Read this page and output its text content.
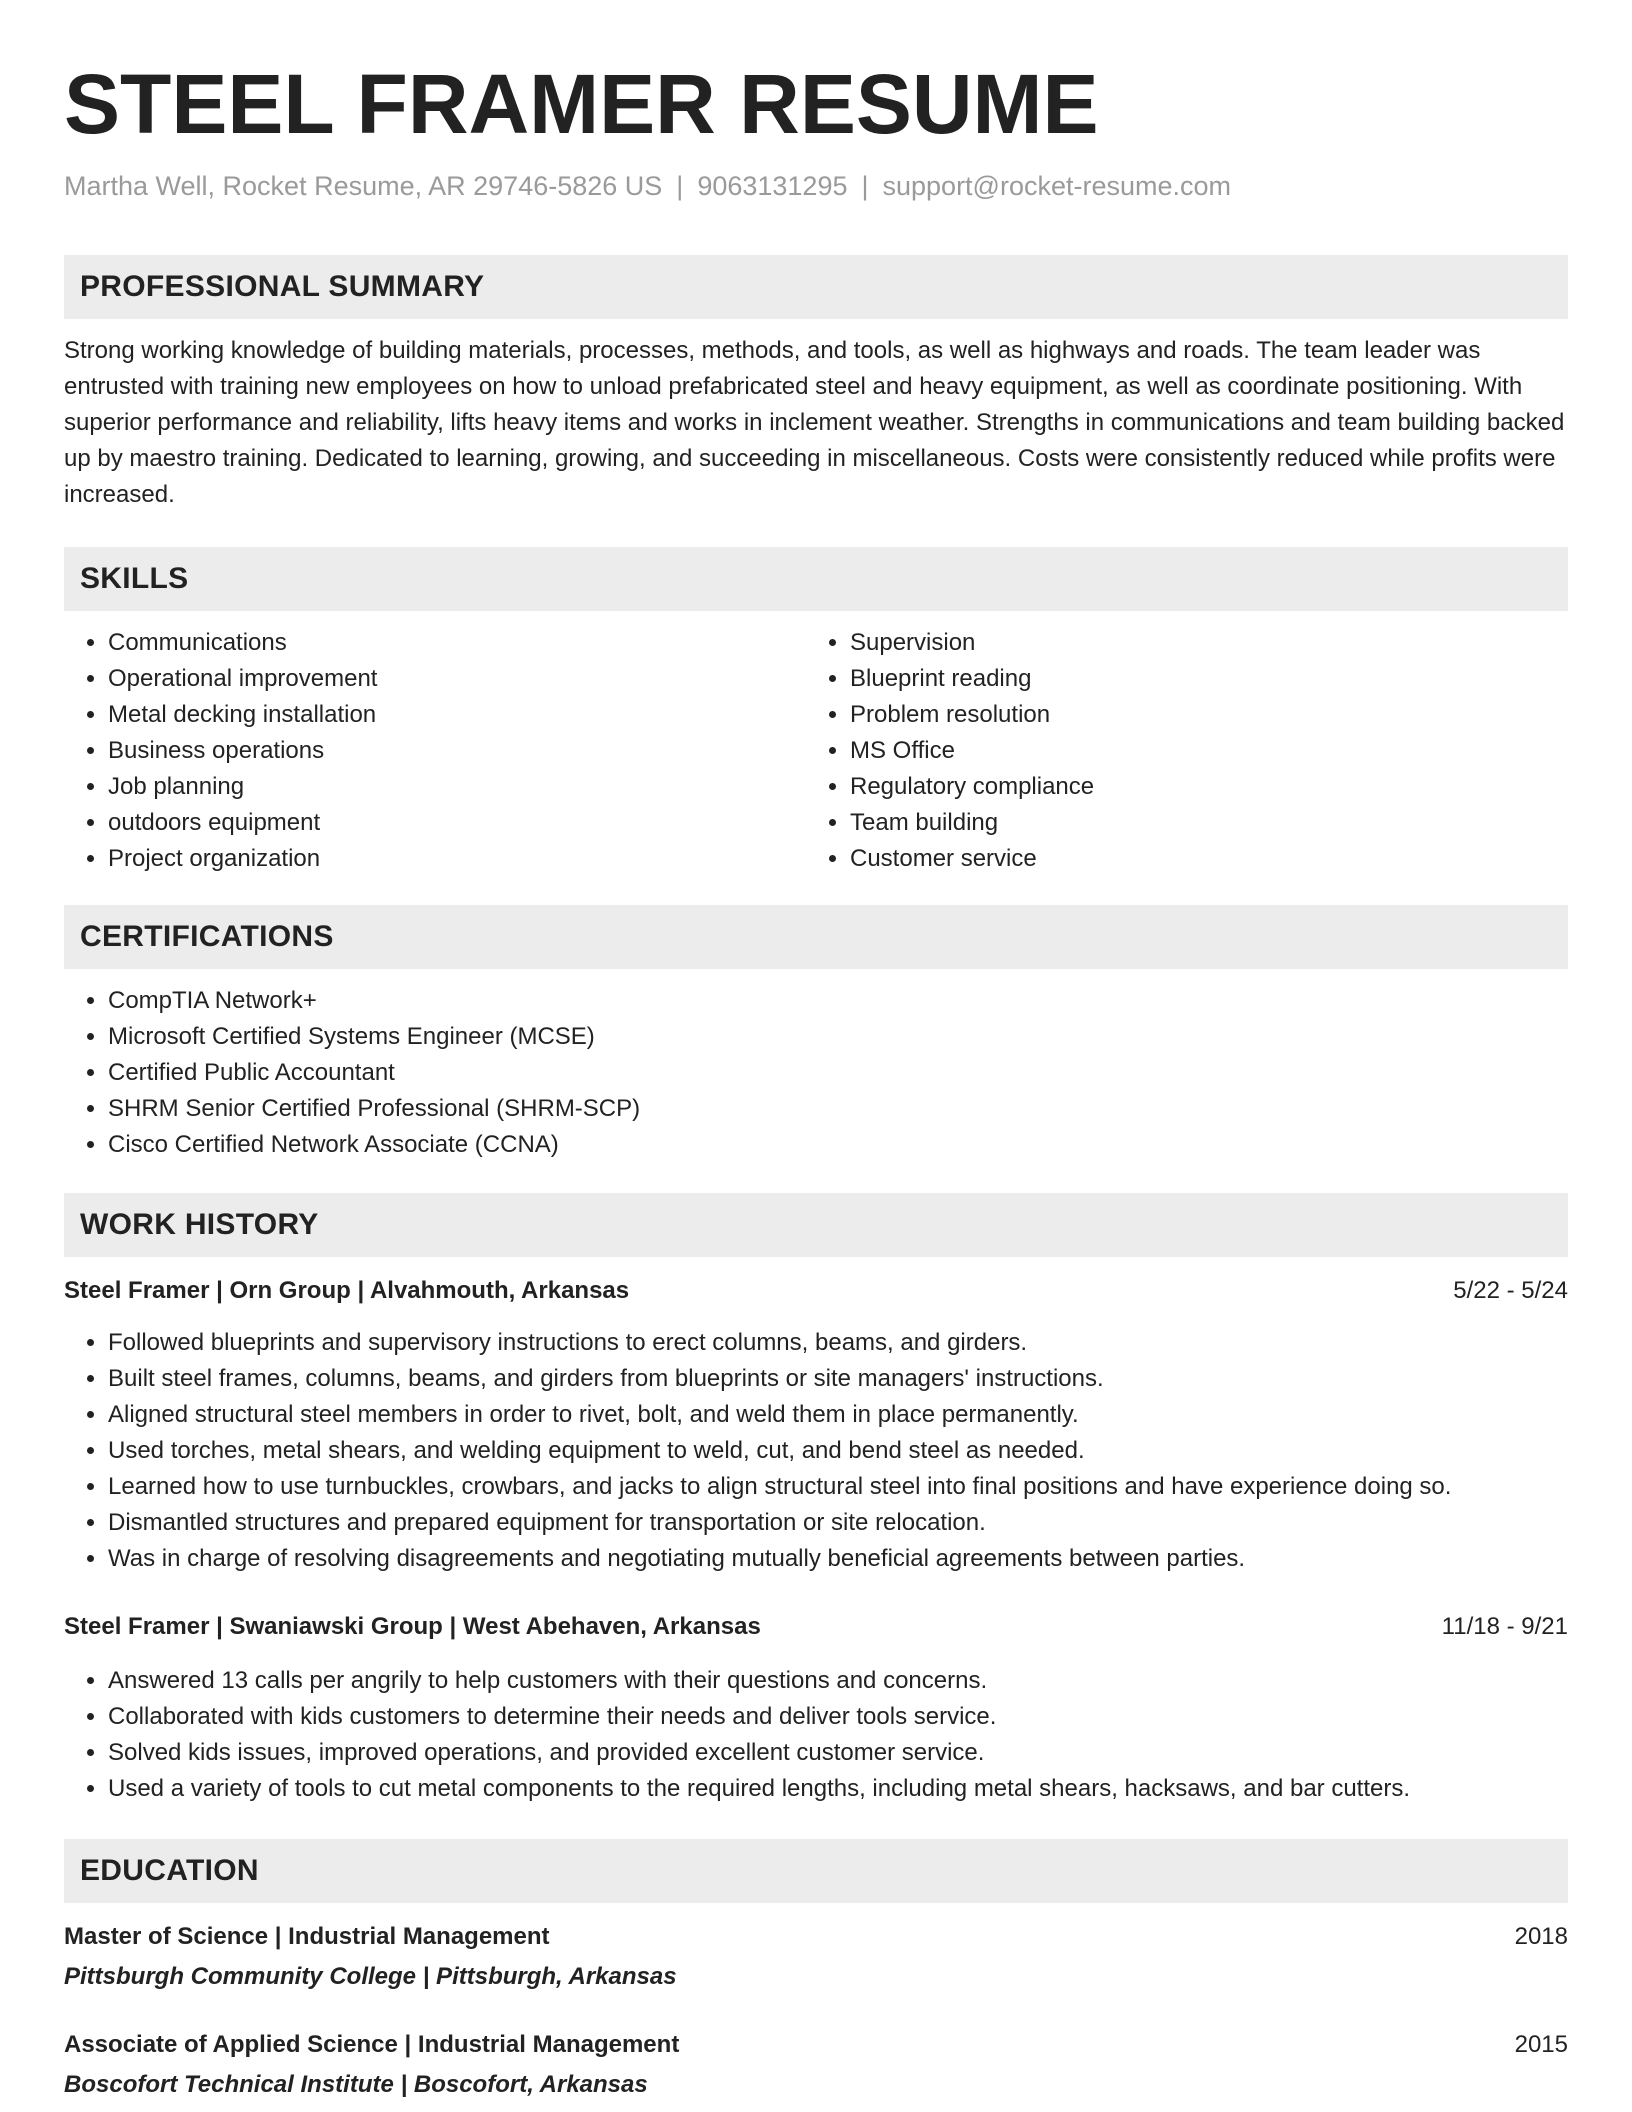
STEEL FRAMER RESUME
Martha Well, Rocket Resume, AR 29746-5826 US | 9063131295 | support@rocket-resume.com
PROFESSIONAL SUMMARY
Strong working knowledge of building materials, processes, methods, and tools, as well as highways and roads. The team leader was entrusted with training new employees on how to unload prefabricated steel and heavy equipment, as well as coordinate positioning. With superior performance and reliability, lifts heavy items and works in inclement weather. Strengths in communications and team building backed up by maestro training. Dedicated to learning, growing, and succeeding in miscellaneous. Costs were consistently reduced while profits were increased.
SKILLS
• Communications
• Operational improvement
• Metal decking installation
• Business operations
• Job planning
• outdoors equipment
• Project organization
• Supervision
• Blueprint reading
• Problem resolution
• MS Office
• Regulatory compliance
• Team building
• Customer service
CERTIFICATIONS
• CompTIA Network+
• Microsoft Certified Systems Engineer (MCSE)
• Certified Public Accountant
• SHRM Senior Certified Professional (SHRM-SCP)
• Cisco Certified Network Associate (CCNA)
WORK HISTORY
Steel Framer | Orn Group | Alvahmouth, Arkansas	5/22 - 5/24
• Followed blueprints and supervisory instructions to erect columns, beams, and girders.
• Built steel frames, columns, beams, and girders from blueprints or site managers' instructions.
• Aligned structural steel members in order to rivet, bolt, and weld them in place permanently.
• Used torches, metal shears, and welding equipment to weld, cut, and bend steel as needed.
• Learned how to use turnbuckles, crowbars, and jacks to align structural steel into final positions and have experience doing so.
• Dismantled structures and prepared equipment for transportation or site relocation.
• Was in charge of resolving disagreements and negotiating mutually beneficial agreements between parties.
Steel Framer | Swaniawski Group | West Abehaven, Arkansas	11/18 - 9/21
• Answered 13 calls per angrily to help customers with their questions and concerns.
• Collaborated with kids customers to determine their needs and deliver tools service.
• Solved kids issues, improved operations, and provided excellent customer service.
• Used a variety of tools to cut metal components to the required lengths, including metal shears, hacksaws, and bar cutters.
EDUCATION
Master of Science | Industrial Management	2018
Pittsburgh Community College | Pittsburgh, Arkansas
Associate of Applied Science | Industrial Management	2015
Boscofort Technical Institute | Boscofort, Arkansas
